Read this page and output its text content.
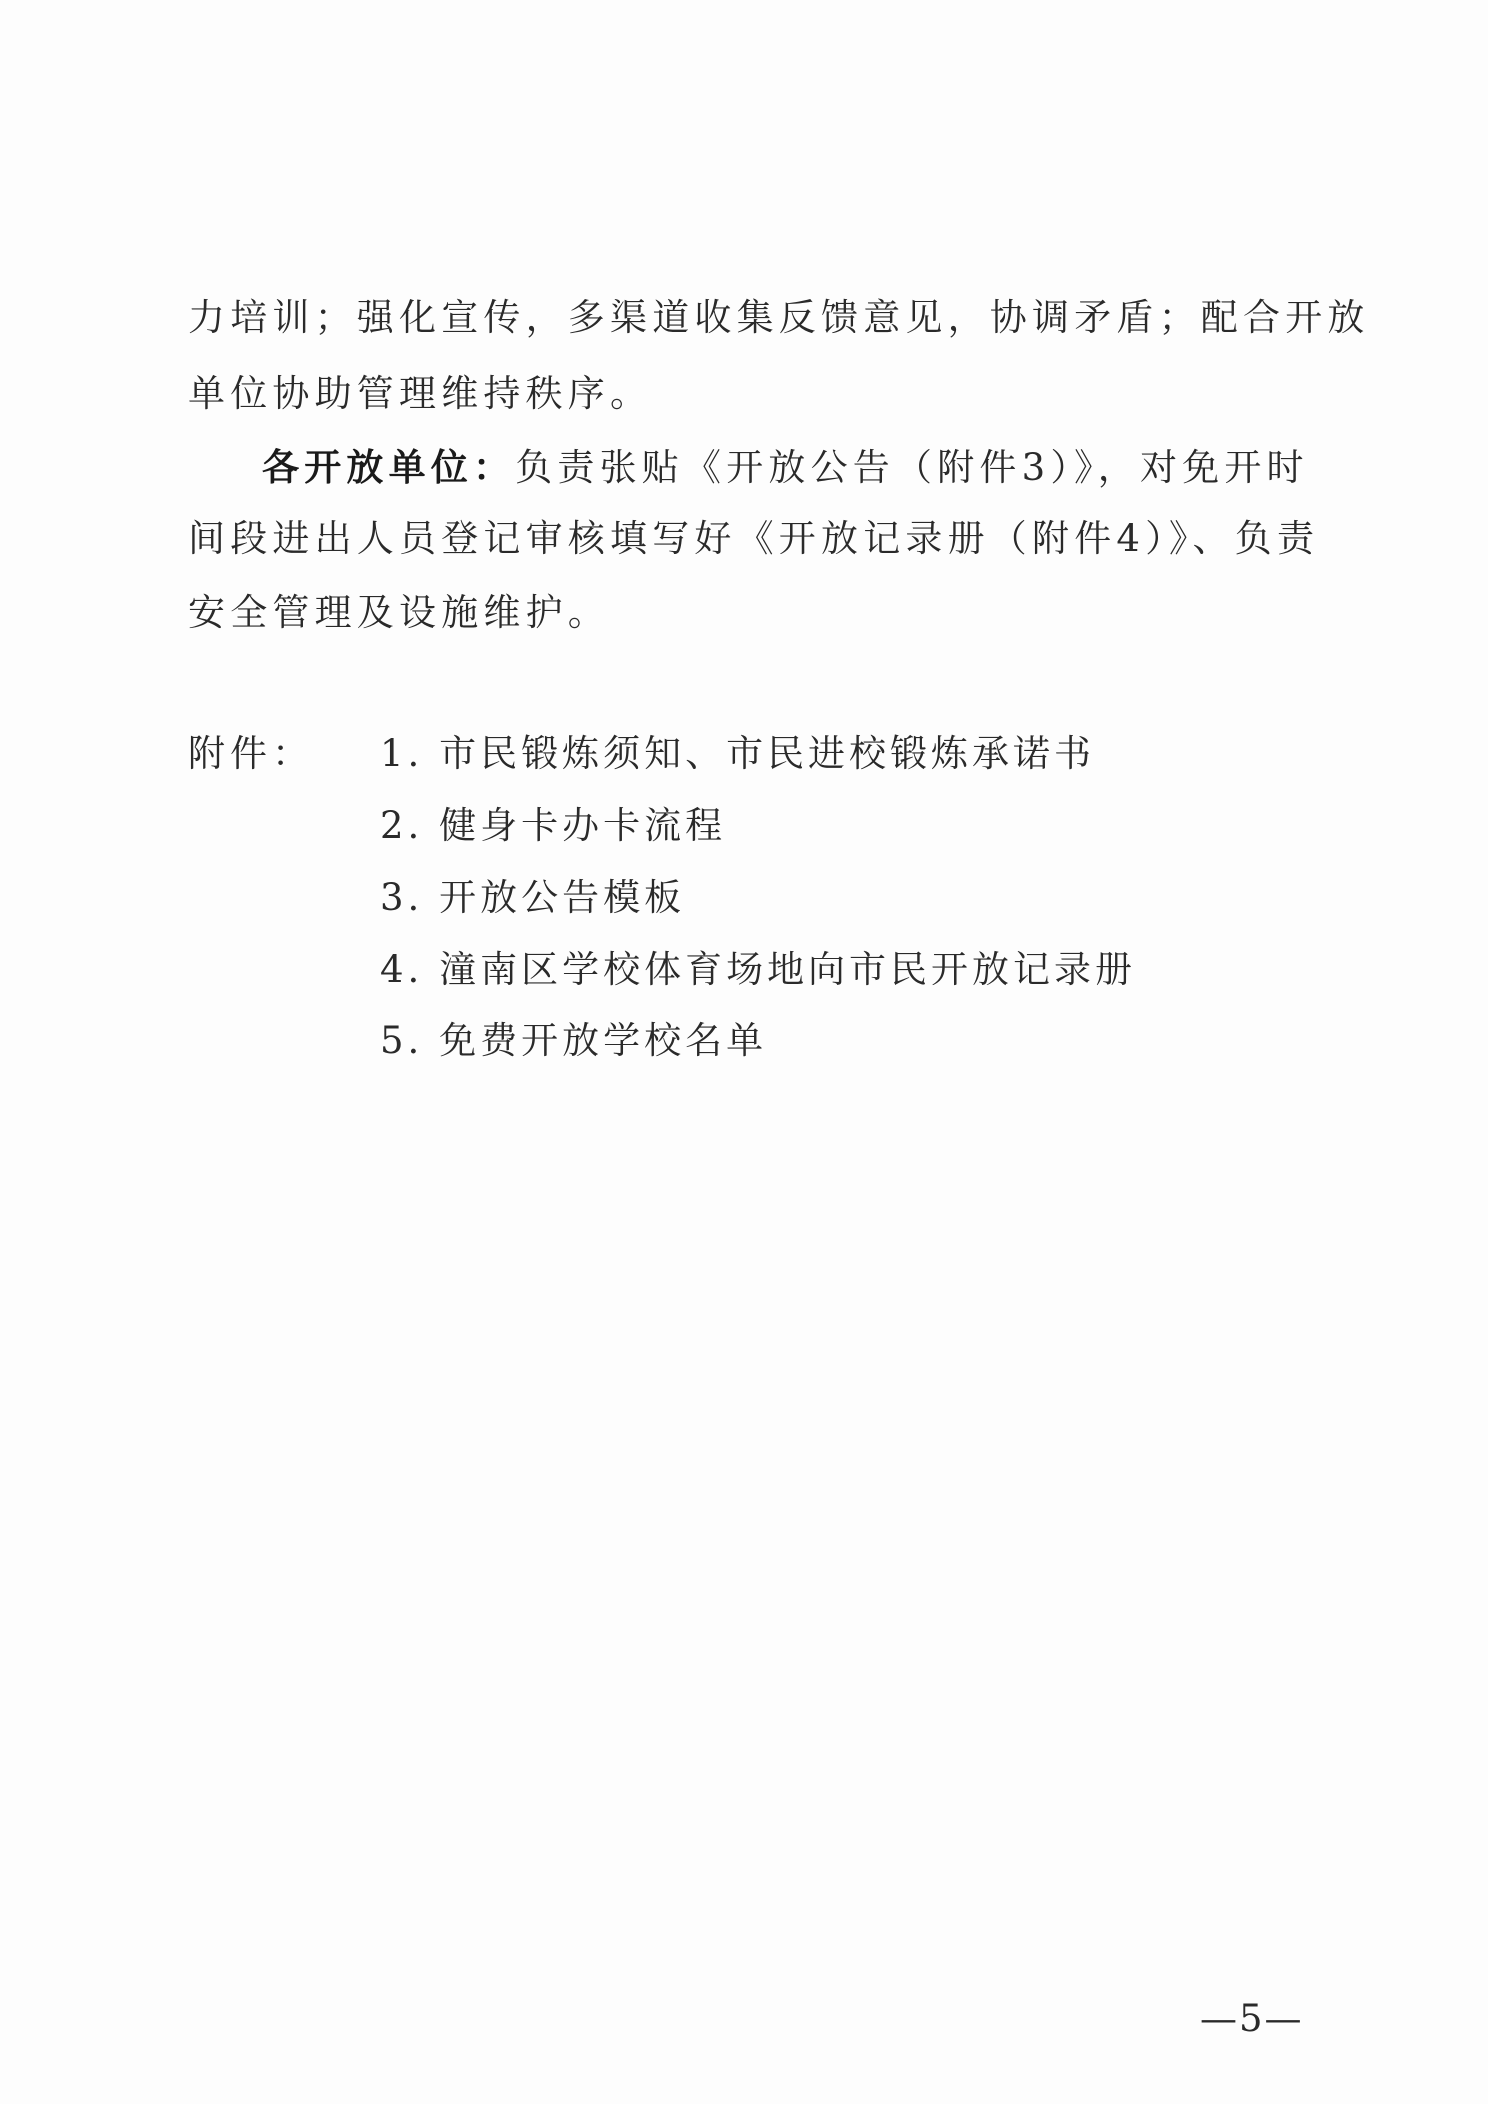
力培训；强化宣传，多渠道收集反馈意见，协调矛盾；配合开放
单位协助管理维持秩序。
各开放单位：负责张贴《开放公告（附件3）》，对免开时
间段进出人员登记审核填写好《开放记录册（附件4）》、负责
安全管理及设施维护。
附件： 1. 市民锻炼须知、市民进校锻炼承诺书
2. 健身卡办卡流程
3. 开放公告模板
4. 潼南区学校体育场地向市民开放记录册
5. 免费开放学校名单
—5—
